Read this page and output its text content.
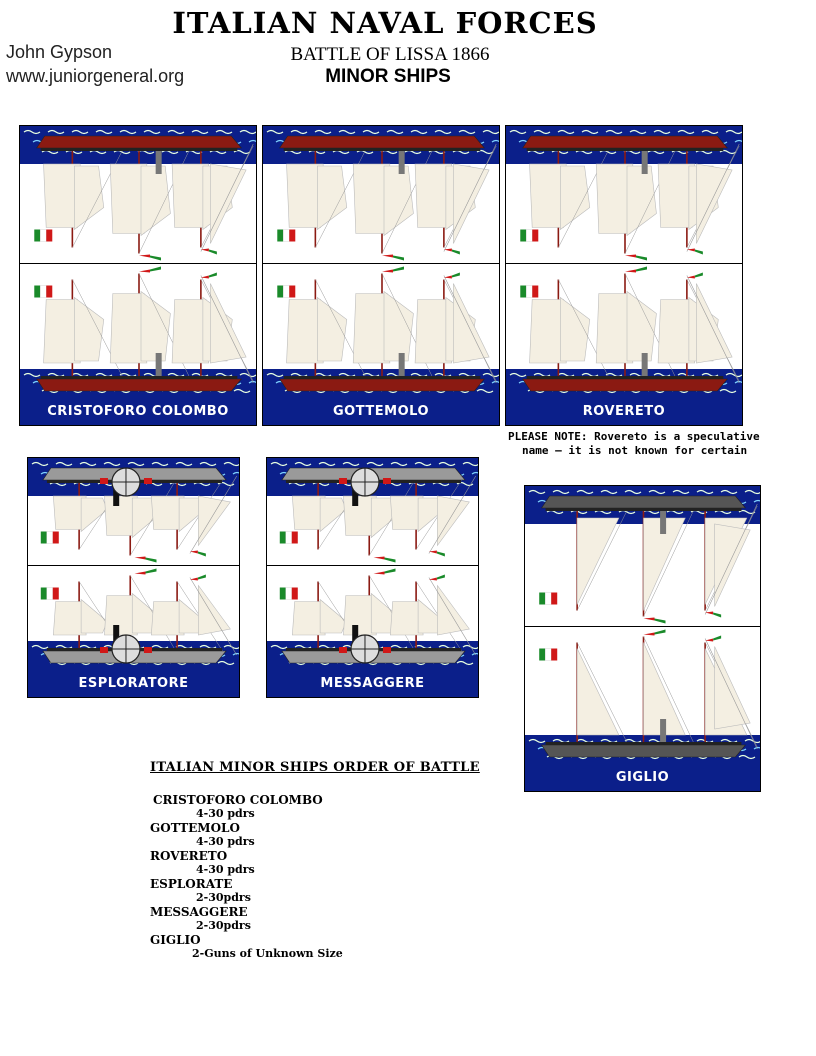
ITALIAN NAVAL FORCES
BATTLE OF LISSA 1866
MINOR SHIPS
John Gypson
www.juniorgeneral.org
CRISTOFORO COLOMBO	GOTTEMOLO	ROVERETO
ESPLORATORE	MESSAGGERE
GIGLIO
PLEASE NOTE: Rovereto is a speculative
name – it is not known for certain
ITALIAN MINOR SHIPS ORDER OF BATTLE
CRISTOFORO COLOMBO
4-30 pdrs
GOTTEMOLO
4-30 pdrs
ROVERETO
4-30 pdrs
ESPLORATE
2-30pdrs
MESSAGGERE
2-30pdrs
GIGLIO
2-Guns of Unknown Size
